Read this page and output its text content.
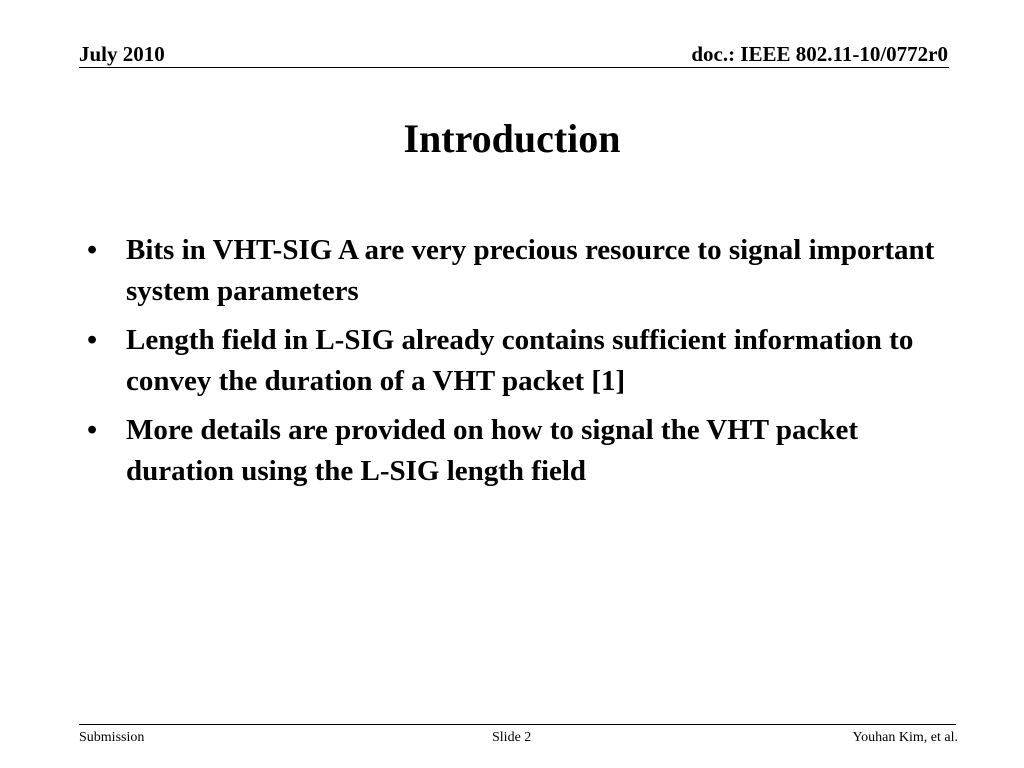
July 2010	doc.: IEEE 802.11-10/0772r0
Introduction
• Bits in VHT-SIG A are very precious resource to signal important system parameters
• Length field in L-SIG already contains sufficient information to convey the duration of a VHT packet [1]
• More details are provided on how to signal the VHT packet duration using the L-SIG length field
Submission	Slide 2	Youhan Kim, et al.
